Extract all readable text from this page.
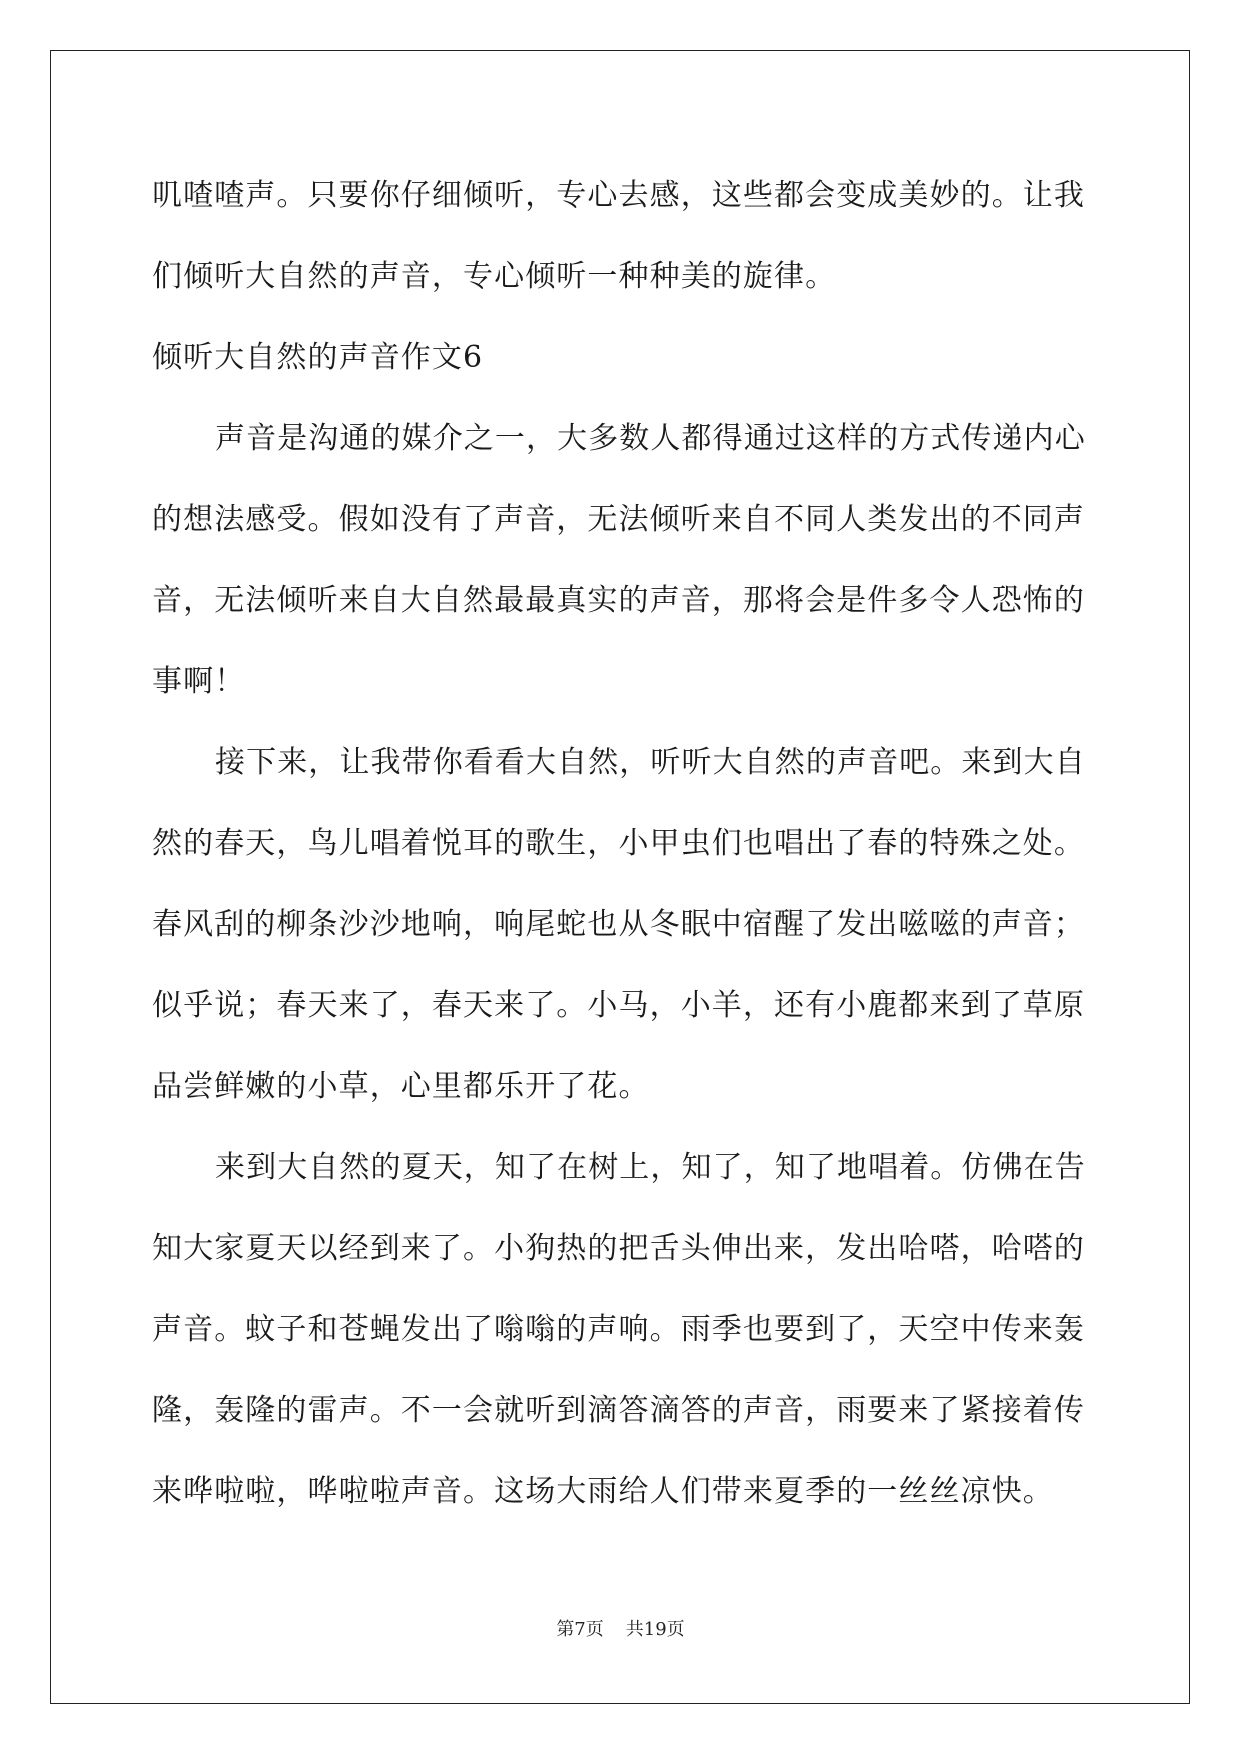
叽喳喳声。只要你仔细倾听，专心去感，这些都会变成美妙的。让我
们倾听大自然的声音，专心倾听一种种美的旋律。
倾听大自然的声音作文6
声音是沟通的媒介之一，大多数人都得通过这样的方式传递内心
的想法感受。假如没有了声音，无法倾听来自不同人类发出的不同声
音，无法倾听来自大自然最最真实的声音，那将会是件多令人恐怖的
事啊！
接下来，让我带你看看大自然，听听大自然的声音吧。来到大自
然的春天，鸟儿唱着悦耳的歌生，小甲虫们也唱出了春的特殊之处。
春风刮的柳条沙沙地响，响尾蛇也从冬眠中宿醒了发出嗞嗞的声音；
似乎说；春天来了，春天来了。小马，小羊，还有小鹿都来到了草原
品尝鲜嫩的小草，心里都乐开了花。
来到大自然的夏天，知了在树上，知了，知了地唱着。仿佛在告
知大家夏天以经到来了。小狗热的把舌头伸出来，发出哈嗒，哈嗒的
声音。蚊子和苍蝇发出了嗡嗡的声响。雨季也要到了，天空中传来轰
隆，轰隆的雷声。不一会就听到滴答滴答的声音，雨要来了紧接着传
来哗啦啦，哗啦啦声音。这场大雨给人们带来夏季的一丝丝凉快。
第7页 共19页
